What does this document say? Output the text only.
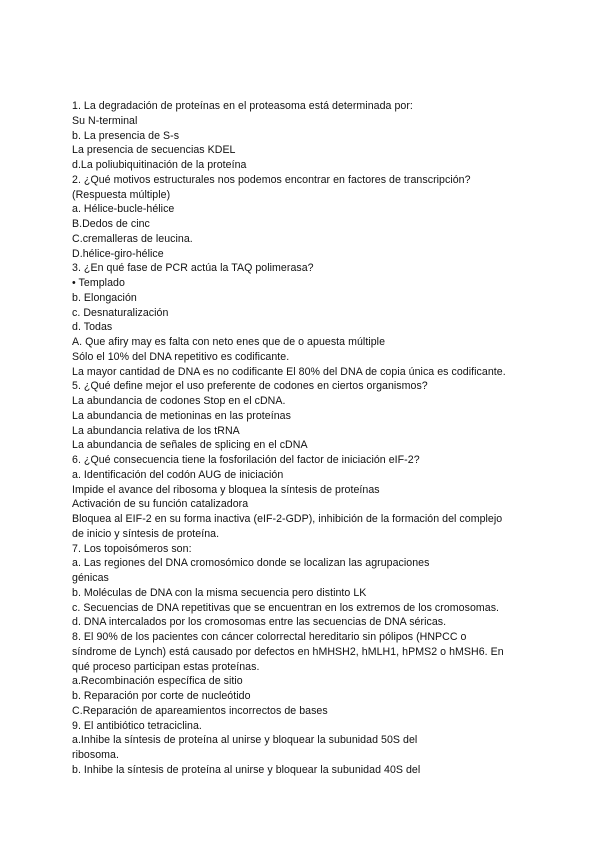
1. La degradación de proteínas en el proteasoma está determinada por:
Su N-terminal
b. La presencia de S-s
La presencia de secuencias KDEL
d.La poliubiquitinación de la proteína
2. ¿Qué motivos estructurales nos podemos encontrar en factores de transcripción?
(Respuesta múltiple)
a. Hélice-bucle-hélice
B.Dedos de cinc
C.cremalleras de leucina.
D.hélice-giro-hélice
3. ¿En qué fase de PCR actúa la TAQ polimerasa?
• Templado
b. Elongación
c. Desnaturalización
d. Todas
A. Que afiry may es falta con neto enes que de o apuesta múltiple
Sólo el 10% del DNA repetitivo es codificante.
La mayor cantidad de DNA es no codificante El 80% del DNA de copia única es codificante.
5. ¿Qué define mejor el uso preferente de codones en ciertos organismos?
La abundancia de codones Stop en el cDNA.
La abundancia de metioninas en las proteínas
La abundancia relativa de los tRNA
La abundancia de señales de splicing en el cDNA
6. ¿Qué consecuencia tiene la fosforilación del factor de iniciación eIF-2?
a. Identificación del codón AUG de iniciación
Impide el avance del ribosoma y bloquea la síntesis de proteínas
Activación de su función catalizadora
Bloquea al EIF-2 en su forma inactiva (eIF-2-GDP), inhibición de la formación del complejo
de inicio y síntesis de proteína.
7. Los topoisómeros son:
a. Las regiones del DNA cromosómico donde se localizan las agrupaciones
génicas
b. Moléculas de DNA con la misma secuencia pero distinto LK
c. Secuencias de DNA repetitivas que se encuentran en los extremos de los cromosomas.
d. DNA intercalados por los cromosomas entre las secuencias de DNA séricas.
8. El 90% de los pacientes con cáncer colorrectal hereditario sin pólipos (HNPCC o
síndrome de Lynch) está causado por defectos en hMHSH2, hMLH1, hPMS2 o hMSH6. En
qué proceso participan estas proteínas.
a.Recombinación específica de sitio
b. Reparación por corte de nucleótido
C.Reparación de apareamientos incorrectos de bases
9. El antibiótico tetraciclina.
a.Inhibe la síntesis de proteína al unirse y bloquear la subunidad 50S del
ribosoma.
b. Inhibe la síntesis de proteína al unirse y bloquear la subunidad 40S del
